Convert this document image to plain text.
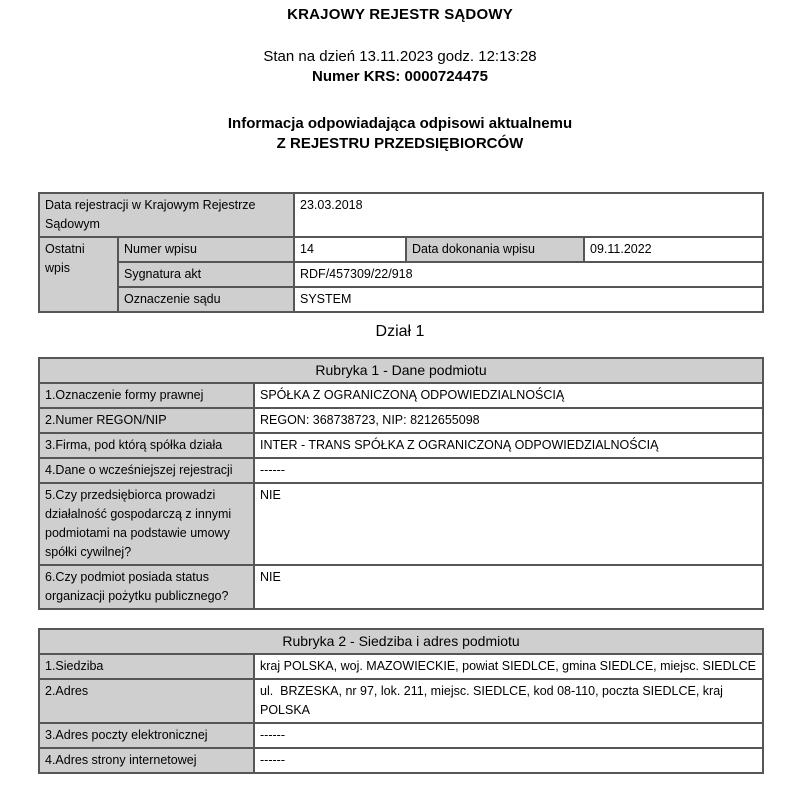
KRAJOWY REJESTR SĄDOWY
Stan na dzień 13.11.2023 godz. 12:13:28
Numer KRS: 0000724475
Informacja odpowiadająca odpisowi aktualnemu
Z REJESTRU PRZEDSIĘBIORCÓW
Data rejestracji w Krajowym Rejestrze Sądowym		23.03.2018		
Ostatni wpis	Numer wpisu	14	Data dokonania wpisu	09.11.2022
	Sygnatura akt	RDF/457309/22/918		
	Oznaczenie sądu	SYSTEM		
Dział 1
Rubryka 1 - Dane podmiotu	
1.Oznaczenie formy prawnej	SPÓŁKA Z OGRANICZONĄ ODPOWIEDZIALNOŚCIĄ
2.Numer REGON/NIP	REGON: 368738723, NIP: 8212655098
3.Firma, pod którą spółka działa	INTER - TRANS SPÓŁKA Z OGRANICZONĄ ODPOWIEDZIALNOŚCIĄ
4.Dane o wcześniejszej rejestracji	------
5.Czy przedsiębiorca prowadzi działalność gospodarczą z innymi podmiotami na podstawie umowy spółki cywilnej?	NIE
6.Czy podmiot posiada status organizacji pożytku publicznego?	NIE
Rubryka 2 - Siedziba i adres podmiotu	
1.Siedziba	kraj POLSKA, woj. MAZOWIECKIE, powiat SIEDLCE, gmina SIEDLCE, miejsc. SIEDLCE
2.Adres	ul.  BRZESKA, nr 97, lok. 211, miejsc. SIEDLCE, kod 08-110, poczta SIEDLCE, kraj POLSKA
3.Adres poczty elektronicznej	------
4.Adres strony internetowej	------
